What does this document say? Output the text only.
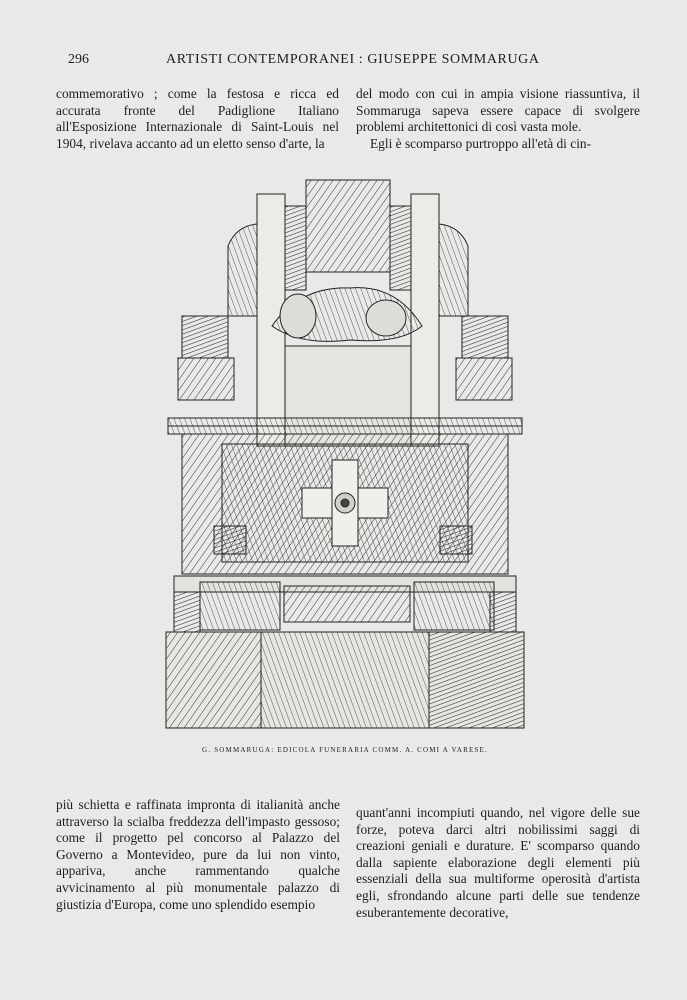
296	ARTISTI CONTEMPORANEI : GIUSEPPE SOMMARUGA

commemorativo ; come la festosa e ricca ed accurata fronte del Padiglione Italiano all'Esposizione Internazionale di Saint-Louis nel 1904, rivelava accanto ad un eletto senso d'arte, la

del modo con cui in ampia visione riassuntiva, il Sommaruga sapeva essere capace di svolgere problemi architettonici di così vasta mole.

Egli è scomparso purtroppo all'età di cin-

G. SOMMARUGA: EDICOLA FUNERARIA COMM. A. COMI A VARESE.

più schietta e raffinata impronta di italianità anche attraverso la scialba freddezza dell'impasto gessoso; come il progetto pel concorso al Palazzo del Governo a Montevideo, pure da lui non vinto, appariva, anche rammentando qualche avvicinamento al più monumentale palazzo di giustizia d'Europa, come uno splendido esempio

quant'anni incompiuti quando, nel vigore delle sue forze, poteva darci altri nobilissimi saggi di creazioni geniali e durature. E' scomparso quando dalla sapiente elaborazione degli elementi più essenziali della sua multiforme operosità d'artista egli, sfrondando alcune parti delle sue tendenze esuberantemente decorative,
